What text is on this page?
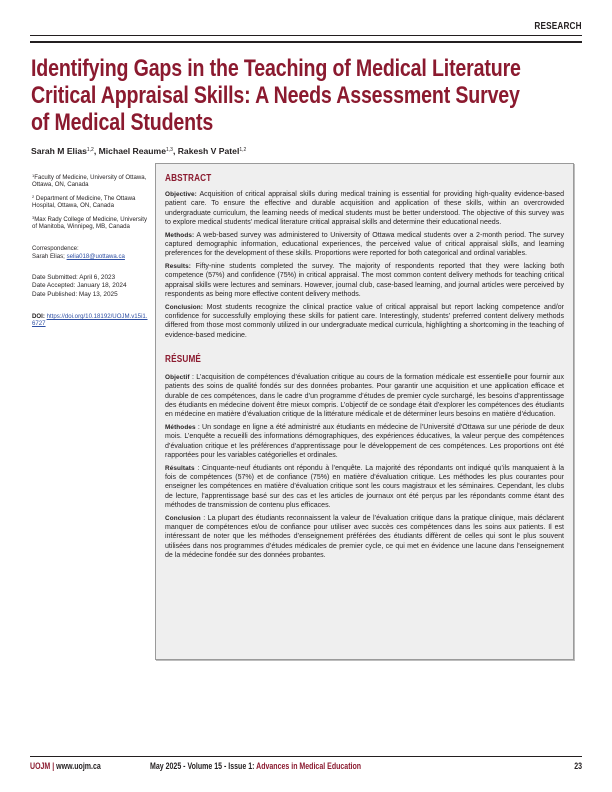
RESEARCH
Identifying Gaps in the Teaching of Medical Literature
Critical Appraisal Skills: A Needs Assessment Survey
of Medical Students
Sarah M Elias$^{1,2}$, Michael Reaume$^{1,3}$, Rakesh V Patel$^{1,2}$
$^1$Faculty of Medicine, University of Ottawa, Ottawa, ON, Canada
$^2$ Department of Medicine, The Ottawa Hospital, Ottawa, ON, Canada
$^3$Max Rady College of Medicine, University of Manitoba, Winnipeg, MB, Canada
Correspondence:
Sarah Elias; selia018@uottawa.ca
Date Submitted: April 6, 2023
Date Accepted: January 18, 2024
Date Published: May 13, 2025
DOI: https://doi.org/10.18192/UOJM.v15i1.6727
ABSTRACT

Objective: Acquisition of critical appraisal skills during medical training is essential for providing high-quality evidence-based patient care. To ensure the effective and durable acquisition and application of these skills, within an overcrowded undergraduate curriculum, the learning needs of medical students must be better understood. The objective of this survey was to explore medical students’ medical literature critical appraisal skills and determine their educational needs.

Methods: A web-based survey was administered to University of Ottawa medical students over a 2-month period. The survey captured demographic information, educational experiences, the perceived value of critical appraisal skills, and learning preferences for the development of these skills. Proportions were reported for both categorical and ordinal variables.

Results: Fifty-nine students completed the survey. The majority of respondents reported that they were lacking both competence (57%) and confidence (75%) in critical appraisal. The most common content delivery methods for teaching critical appraisal skills were lectures and seminars. However, journal club, case-based learning, and journal articles were perceived by respondents as being more effective content delivery methods.

Conclusion: Most students recognize the clinical practice value of critical appraisal but report lacking competence and/or confidence for successfully employing these skills for patient care. Interestingly, students’ preferred content delivery methods differed from those most commonly utilized in our undergraduate medical curricula, highlighting a shortcoming in the teaching of evidence-based medicine.

RÉSUMÉ

Objectif : L’acquisition de compétences d’évaluation critique au cours de la formation médicale est essentielle pour fournir aux patients des soins de qualité fondés sur des données probantes. Pour garantir une acquisition et une application efficace et durable de ces compétences, dans le cadre d’un programme d’études de premier cycle surchargé, les besoins d’apprentissage des étudiants en médecine doivent être mieux compris. L’objectif de ce sondage était d’explorer les compétences des étudiants en médecine en matière d’évaluation critique de la littérature médicale et de déterminer leurs besoins en matière d’éducation.

Méthodes : Un sondage en ligne a été administré aux étudiants en médecine de l’Université d’Ottawa sur une période de deux mois. L’enquête a recueilli des informations démographiques, des expériences éducatives, la valeur perçue des compétences d’évaluation critique et les préférences d’apprentissage pour le développement de ces compétences. Les proportions ont été rapportées pour les variables catégorielles et ordinales.

Résultats : Cinquante-neuf étudiants ont répondu à l’enquête. La majorité des répondants ont indiqué qu’ils manquaient à la fois de compétences (57%) et de confiance (75%) en matière d’évaluation critique. Les méthodes les plus courantes pour enseigner les compétences en matière d’évaluation critique sont les cours magistraux et les séminaires. Cependant, les clubs de lecture, l’apprentissage basé sur des cas et les articles de journaux ont été perçus par les répondants comme étant des méthodes de transmission de contenu plus efficaces.

Conclusion : La plupart des étudiants reconnaissent la valeur de l’évaluation critique dans la pratique clinique, mais déclarent manquer de compétences et/ou de confiance pour utiliser avec succès ces compétences dans les soins aux patients. Il est intéressant de noter que les méthodes d’enseignement préférées des étudiants diffèrent de celles qui sont le plus souvent utilisées dans nos programmes d’études médicales de premier cycle, ce qui met en évidence une lacune dans l’enseignement de la médecine fondée sur des données probantes.

UOJM | www.uojm.ca	May 2025 - Volume 15 - Issue 1: Advances in Medical Education	23
